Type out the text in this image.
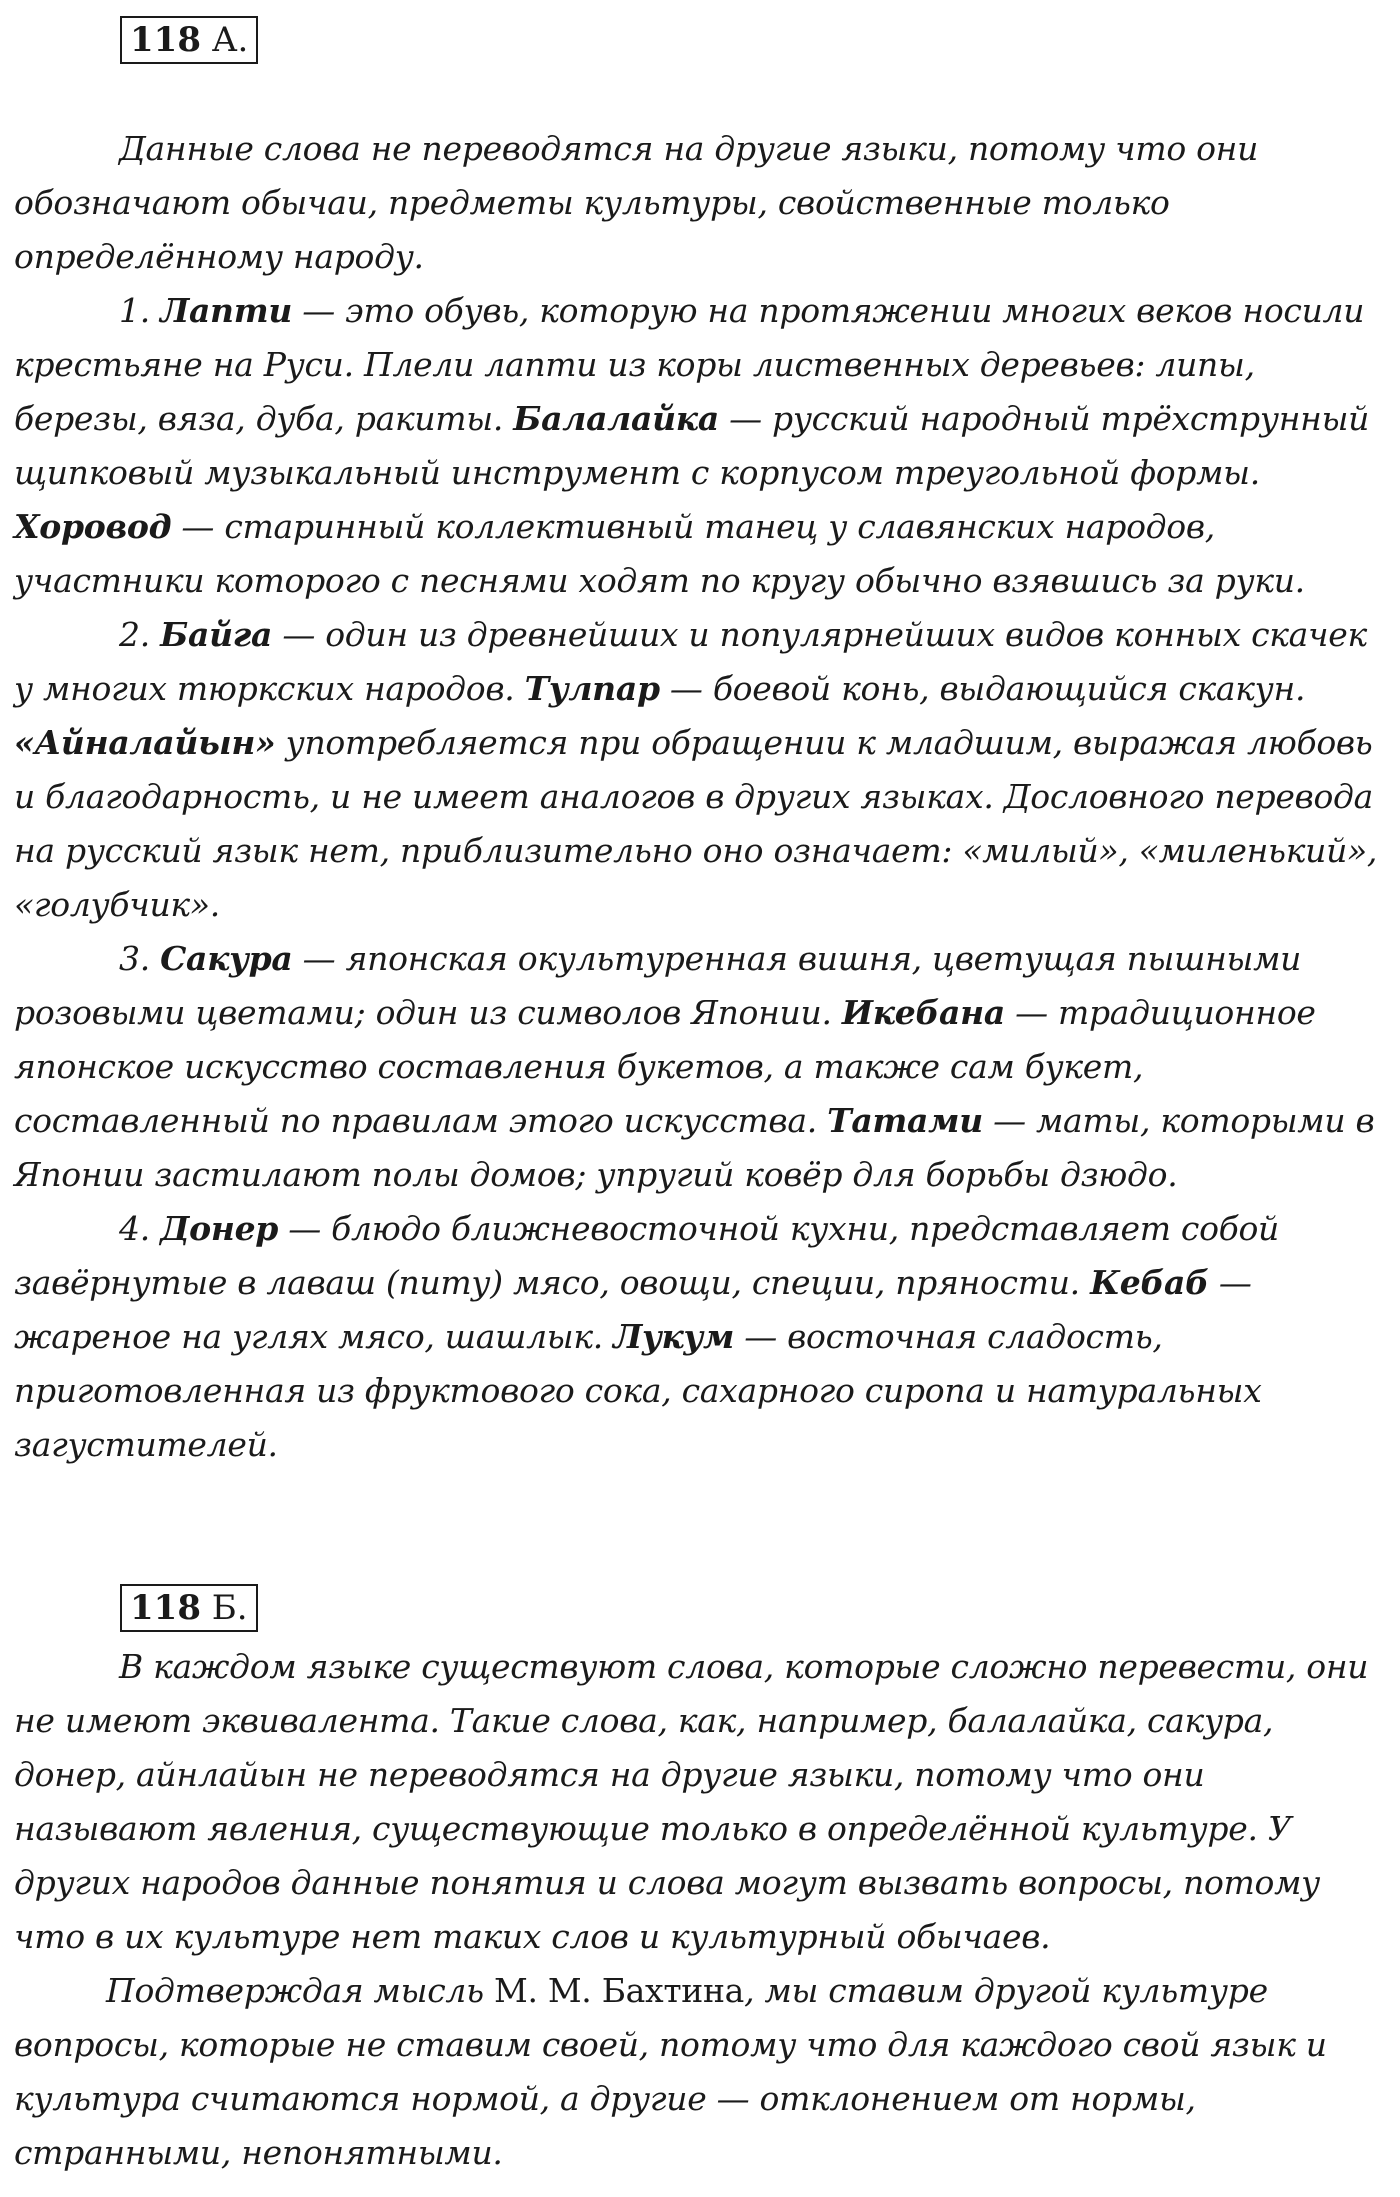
118 А.

Данные слова не переводятся на другие языки, потому что они обозначают обычаи, предметы культуры, свойственные только определённому народу.

1. Лапти — это обувь, которую на протяжении многих веков носили крестьяне на Руси. Плели лапти из коры лиственных деревьев: липы, березы, вяза, дуба, ракиты. Балалайка — русский народный трёхструнный щипковый музыкальный инструмент с корпусом треугольной формы. Хоровод — старинный коллективный танец у славянских народов, участники которого с песнями ходят по кругу обычно взявшись за руки.

2. Байга — один из древнейших и популярнейших видов конных скачек у многих тюркских народов. Тулпар — боевой конь, выдающийся скакун. «Айналайын» употребляется при обращении к младшим, выражая любовь и благодарность, и не имеет аналогов в других языках. Дословного перевода на русский язык нет, приблизительно оно означает: «милый», «миленький», «голубчик».

3. Сакура — японская окультуренная вишня, цветущая пышными розовыми цветами; один из символов Японии. Икебана — традиционное японское искусство составления букетов, а также сам букет, составленный по правилам этого искусства. Татами — маты, которыми в Японии застилают полы домов; упругий ковёр для борьбы дзюдо.

4. Донер — блюдо ближневосточной кухни, представляет собой завёрнутые в лаваш (питу) мясо, овощи, специи, пряности. Кебаб — жареное на углях мясо, шашлык. Лукум — восточная сладость, приготовленная из фруктового сока, сахарного сиропа и натуральных загустителей.

118 Б.

В каждом языке существуют слова, которые сложно перевести, они не имеют эквивалента. Такие слова, как, например, балалайка, сакура, донер, айнлайын не переводятся на другие языки, потому что они называют явления, существующие только в определённой культуре. У других народов данные понятия и слова могут вызвать вопросы, потому что в их культуре нет таких слов и культурный обычаев.

Подтверждая мысль М. М. Бахтина, мы ставим другой культуре вопросы, которые не ставим своей, потому что для каждого свой язык и культура считаются нормой, а другие — отклонением от нормы, странными, непонятными.
